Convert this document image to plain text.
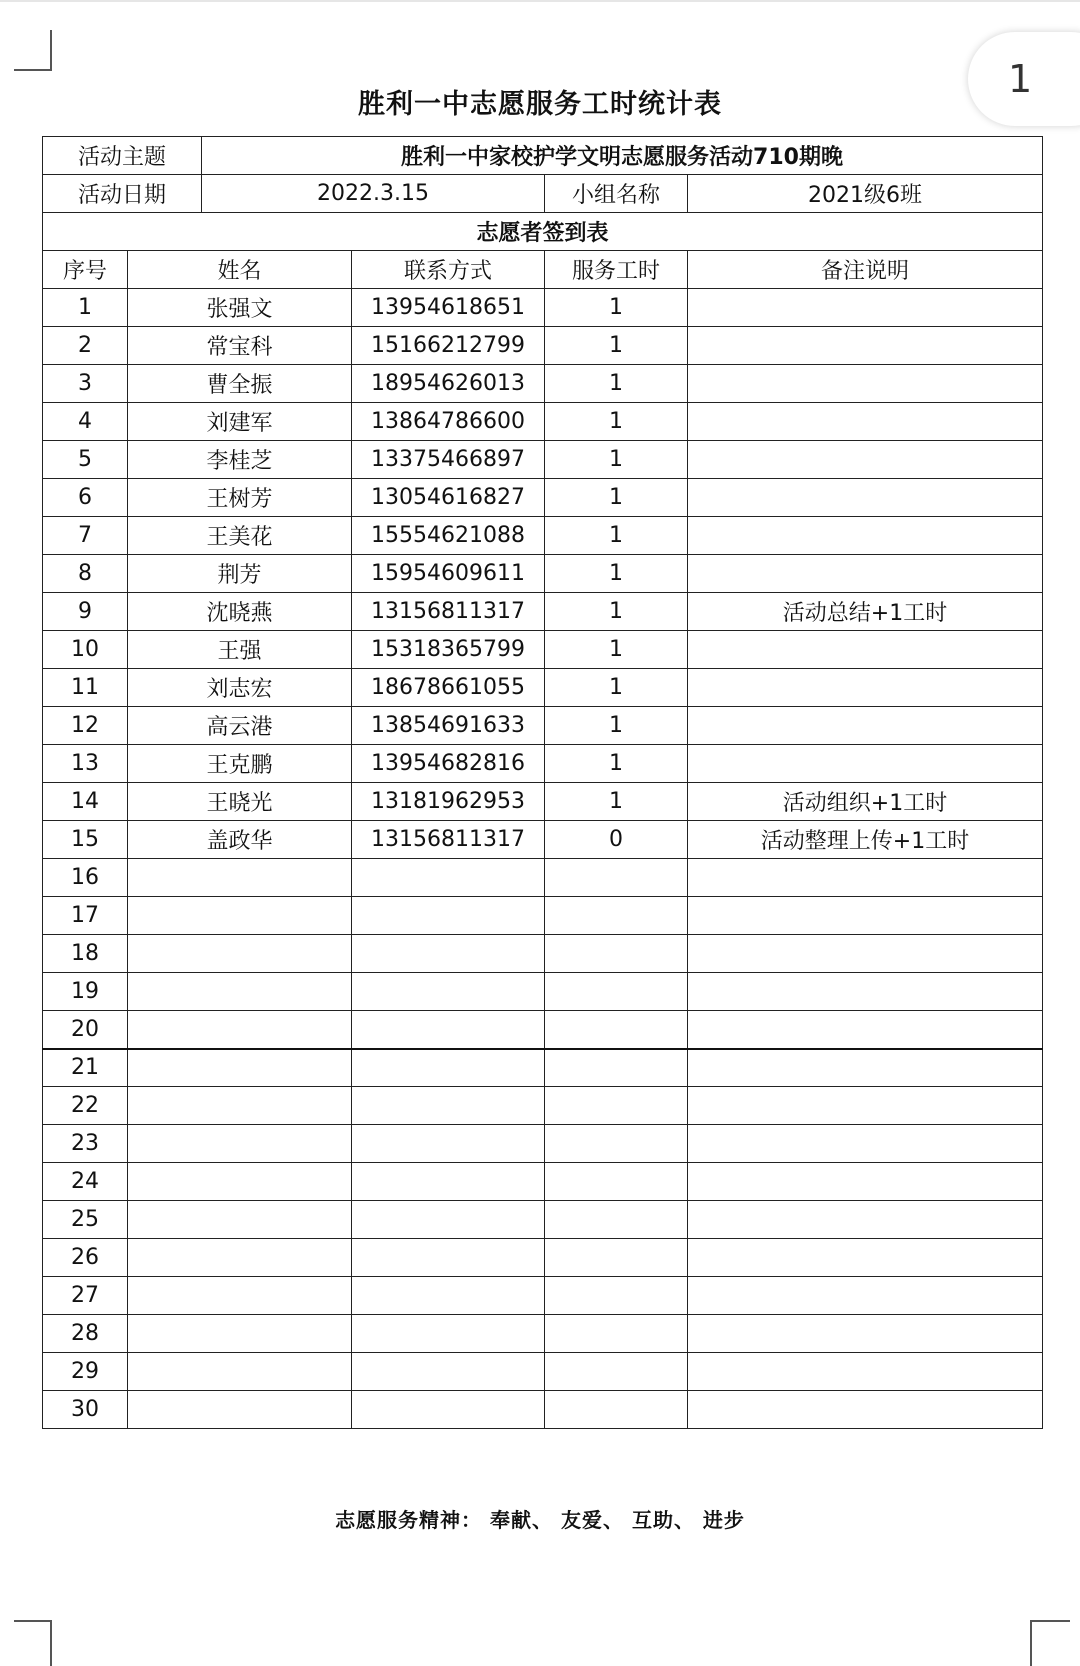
1
胜利一中志愿服务工时统计表
活动主题		胜利一中家校护学文明志愿服务活动710期晚			
活动日期		2022.3.15		小组名称	2021级6班
志愿者签到表					
序号	姓名		联系方式	服务工时	备注说明
1	张强文		13954618651	1	
2	常宝科		15166212799	1	
3	曹全振		18954626013	1	
4	刘建军		13864786600	1	
5	李桂芝		13375466897	1	
6	王树芳		13054616827	1	
7	王美花		15554621088	1	
8	荆芳		15954609611	1	
9	沈晓燕		13156811317	1	活动总结+1工时
10	王强		15318365799	1	
11	刘志宏		18678661055	1	
12	高云港		13854691633	1	
13	王克鹏		13954682816	1	
14	王晓光		13181962953	1	活动组织+1工时
15	盖政华		13156811317	0	活动整理上传+1工时
16					
17					
18					
19					
20					
21					
22					
23					
24					
25					
26					
27					
28					
29					
30					
志愿服务精神： 奉献、 友爱、 互助、 进步
